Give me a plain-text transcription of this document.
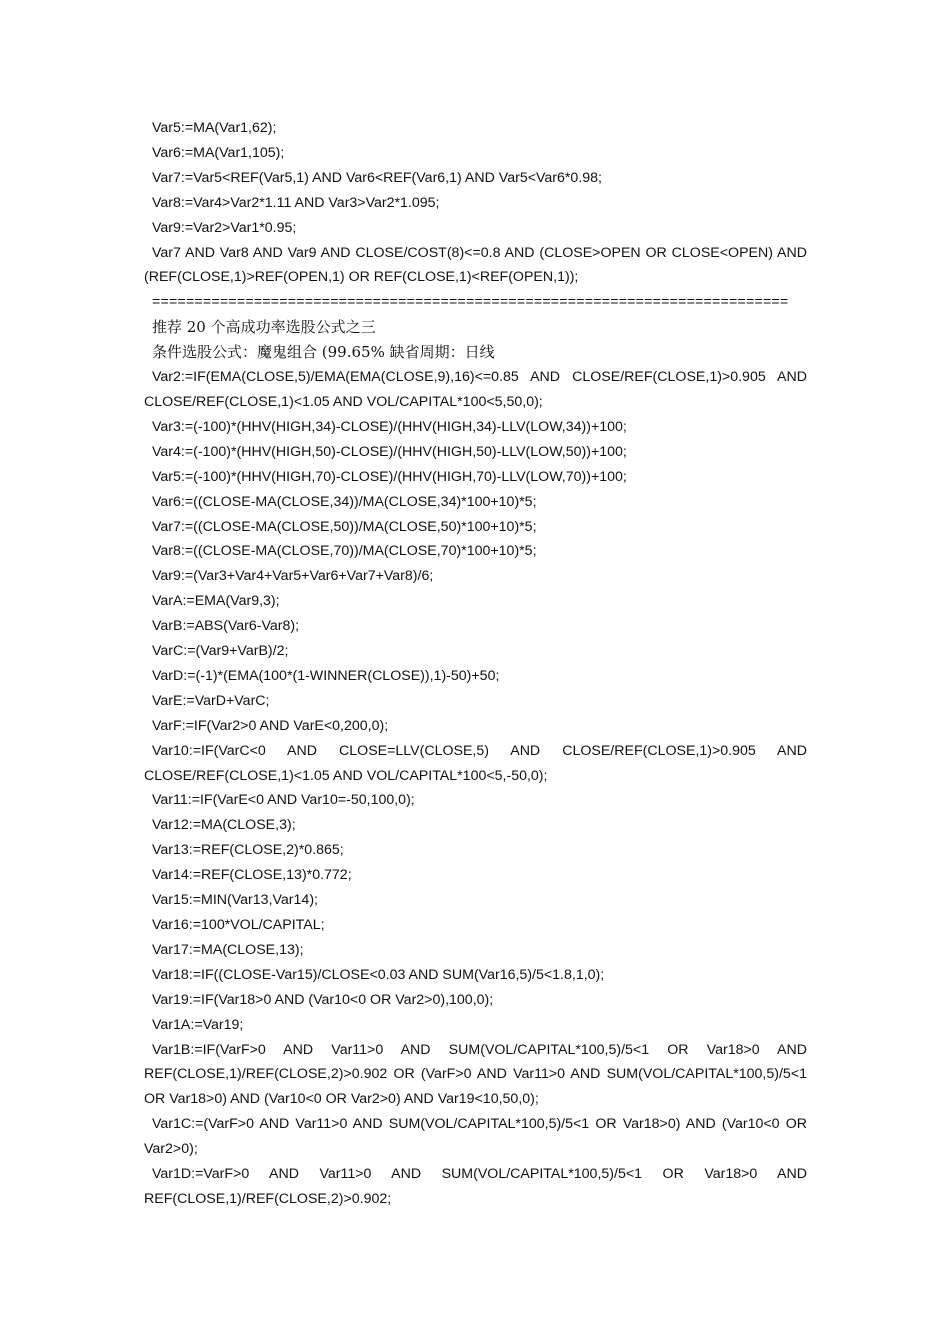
Var5:=MA(Var1,62);

Var6:=MA(Var1,105);

Var7:=Var5<REF(Var5,1) AND Var6<REF(Var6,1) AND Var5<Var6*0.98;

Var8:=Var4>Var2*1.11 AND Var3>Var2*1.095;

Var9:=Var2>Var1*0.95;

Var7 AND Var8 AND Var9 AND CLOSE/COST(8)<=0.8 AND (CLOSE>OPEN OR CLOSE<OPEN) AND (REF(CLOSE,1)>REF(OPEN,1) OR REF(CLOSE,1)<REF(OPEN,1));

===========================================================================

推荐 20 个高成功率选股公式之三

条件选股公式：魔鬼组合 (99.65% 缺省周期：日线

Var2:=IF(EMA(CLOSE,5)/EMA(EMA(CLOSE,9),16)<=0.85 AND CLOSE/REF(CLOSE,1)>0.905 AND CLOSE/REF(CLOSE,1)<1.05 AND VOL/CAPITAL*100<5,50,0);

Var3:=(-100)*(HHV(HIGH,34)-CLOSE)/(HHV(HIGH,34)-LLV(LOW,34))+100;

Var4:=(-100)*(HHV(HIGH,50)-CLOSE)/(HHV(HIGH,50)-LLV(LOW,50))+100;

Var5:=(-100)*(HHV(HIGH,70)-CLOSE)/(HHV(HIGH,70)-LLV(LOW,70))+100;

Var6:=((CLOSE-MA(CLOSE,34))/MA(CLOSE,34)*100+10)*5;

Var7:=((CLOSE-MA(CLOSE,50))/MA(CLOSE,50)*100+10)*5;

Var8:=((CLOSE-MA(CLOSE,70))/MA(CLOSE,70)*100+10)*5;

Var9:=(Var3+Var4+Var5+Var6+Var7+Var8)/6;

VarA:=EMA(Var9,3);

VarB:=ABS(Var6-Var8);

VarC:=(Var9+VarB)/2;

VarD:=(-1)*(EMA(100*(1-WINNER(CLOSE)),1)-50)+50;

VarE:=VarD+VarC;

VarF:=IF(Var2>0 AND VarE<0,200,0);

Var10:=IF(VarC<0 AND CLOSE=LLV(CLOSE,5) AND CLOSE/REF(CLOSE,1)>0.905 AND CLOSE/REF(CLOSE,1)<1.05 AND VOL/CAPITAL*100<5,-50,0);

Var11:=IF(VarE<0 AND Var10=-50,100,0);

Var12:=MA(CLOSE,3);

Var13:=REF(CLOSE,2)*0.865;

Var14:=REF(CLOSE,13)*0.772;

Var15:=MIN(Var13,Var14);

Var16:=100*VOL/CAPITAL;

Var17:=MA(CLOSE,13);

Var18:=IF((CLOSE-Var15)/CLOSE<0.03 AND SUM(Var16,5)/5<1.8,1,0);

Var19:=IF(Var18>0 AND (Var10<0 OR Var2>0),100,0);

Var1A:=Var19;

Var1B:=IF(VarF>0 AND Var11>0 AND SUM(VOL/CAPITAL*100,5)/5<1 OR Var18>0 AND REF(CLOSE,1)/REF(CLOSE,2)>0.902 OR (VarF>0 AND Var11>0 AND SUM(VOL/CAPITAL*100,5)/5<1 OR Var18>0) AND (Var10<0 OR Var2>0) AND Var19<10,50,0);

Var1C:=(VarF>0 AND Var11>0 AND SUM(VOL/CAPITAL*100,5)/5<1 OR Var18>0) AND (Var10<0 OR Var2>0);

Var1D:=VarF>0 AND Var11>0 AND SUM(VOL/CAPITAL*100,5)/5<1 OR Var18>0 AND REF(CLOSE,1)/REF(CLOSE,2)>0.902;
